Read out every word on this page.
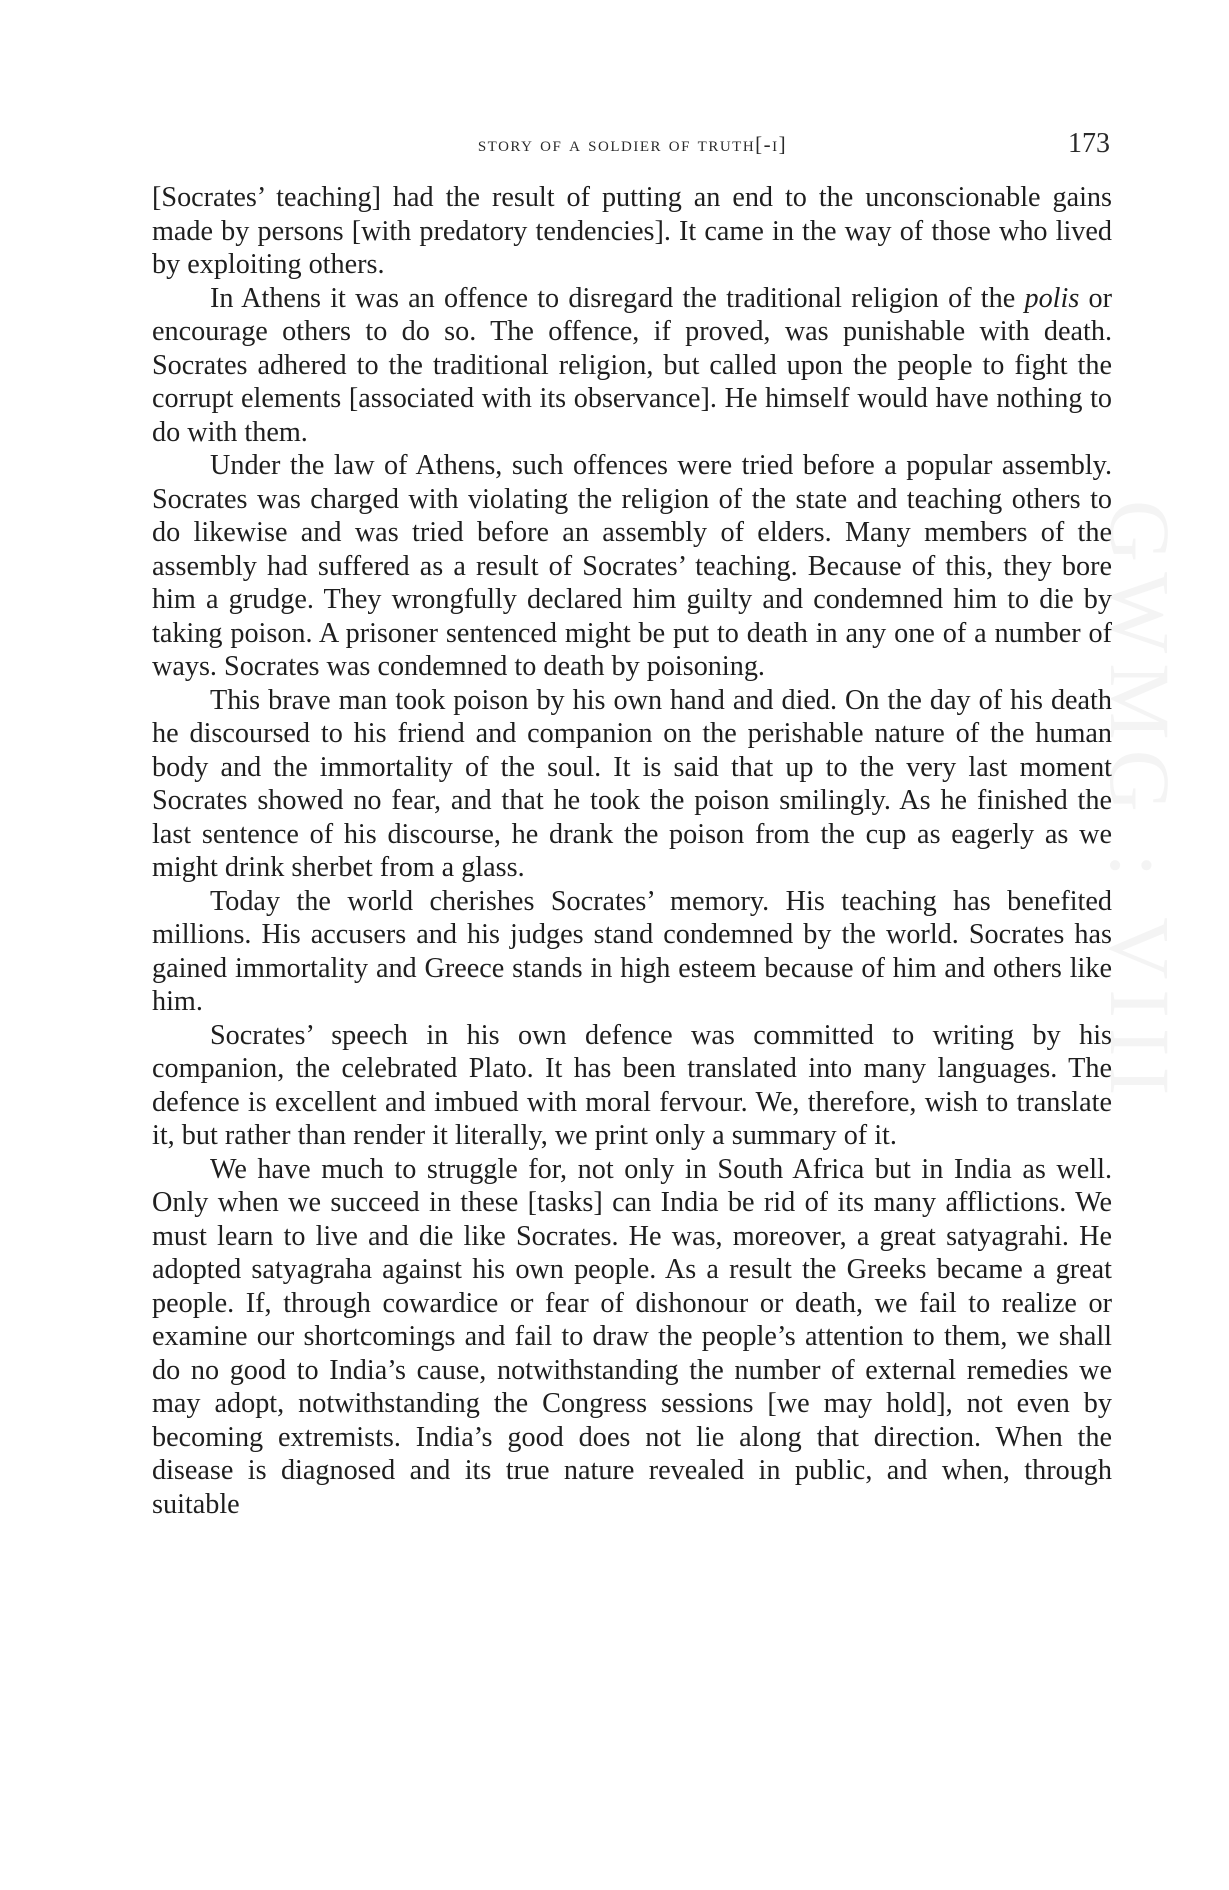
story of a soldier of truth[-i]	173
GWMG : VIII

[Socrates’ teaching] had the result of putting an end to the unconscionable gains made by persons [with predatory tendencies]. It came in the way of those who lived by exploiting others.

In Athens it was an offence to disregard the traditional religion of the polis or encourage others to do so. The offence, if proved, was punishable with death. Socrates adhered to the traditional religion, but called upon the people to fight the corrupt elements [associated with its observance]. He himself would have nothing to do with them.

Under the law of Athens, such offences were tried before a popular assembly. Socrates was charged with violating the religion of the state and teaching others to do likewise and was tried before an assembly of elders. Many members of the assembly had suffered as a result of Socrates’ teaching. Because of this, they bore him a grudge. They wrongfully declared him guilty and condemned him to die by taking poison. A prisoner sentenced might be put to death in any one of a number of ways. Socrates was condemned to death by poisoning.

This brave man took poison by his own hand and died. On the day of his death he discoursed to his friend and companion on the perishable nature of the human body and the immortality of the soul. It is said that up to the very last moment Socrates showed no fear, and that he took the poison smilingly. As he finished the last sentence of his discourse, he drank the poison from the cup as eagerly as we might drink sherbet from a glass.

Today the world cherishes Socrates’ memory. His teaching has benefited millions. His accusers and his judges stand condemned by the world. Socrates has gained immortality and Greece stands in high esteem because of him and others like him.

Socrates’ speech in his own defence was committed to writing by his companion, the celebrated Plato. It has been translated into many languages. The defence is excellent and imbued with moral fervour. We, therefore, wish to translate it, but rather than render it literally, we print only a summary of it.

We have much to struggle for, not only in South Africa but in India as well. Only when we succeed in these [tasks] can India be rid of its many afflictions. We must learn to live and die like Socrates. He was, moreover, a great satyagrahi. He adopted satyagraha against his own people. As a result the Greeks became a great people. If, through cowardice or fear of dishonour or death, we fail to realize or examine our shortcomings and fail to draw the people’s attention to them, we shall do no good to India’s cause, notwithstanding the number of external remedies we may adopt, notwithstanding the Congress sessions [we may hold], not even by becoming extremists. India’s good does not lie along that direction. When the disease is diagnosed and its true nature revealed in public, and when, through suitable
